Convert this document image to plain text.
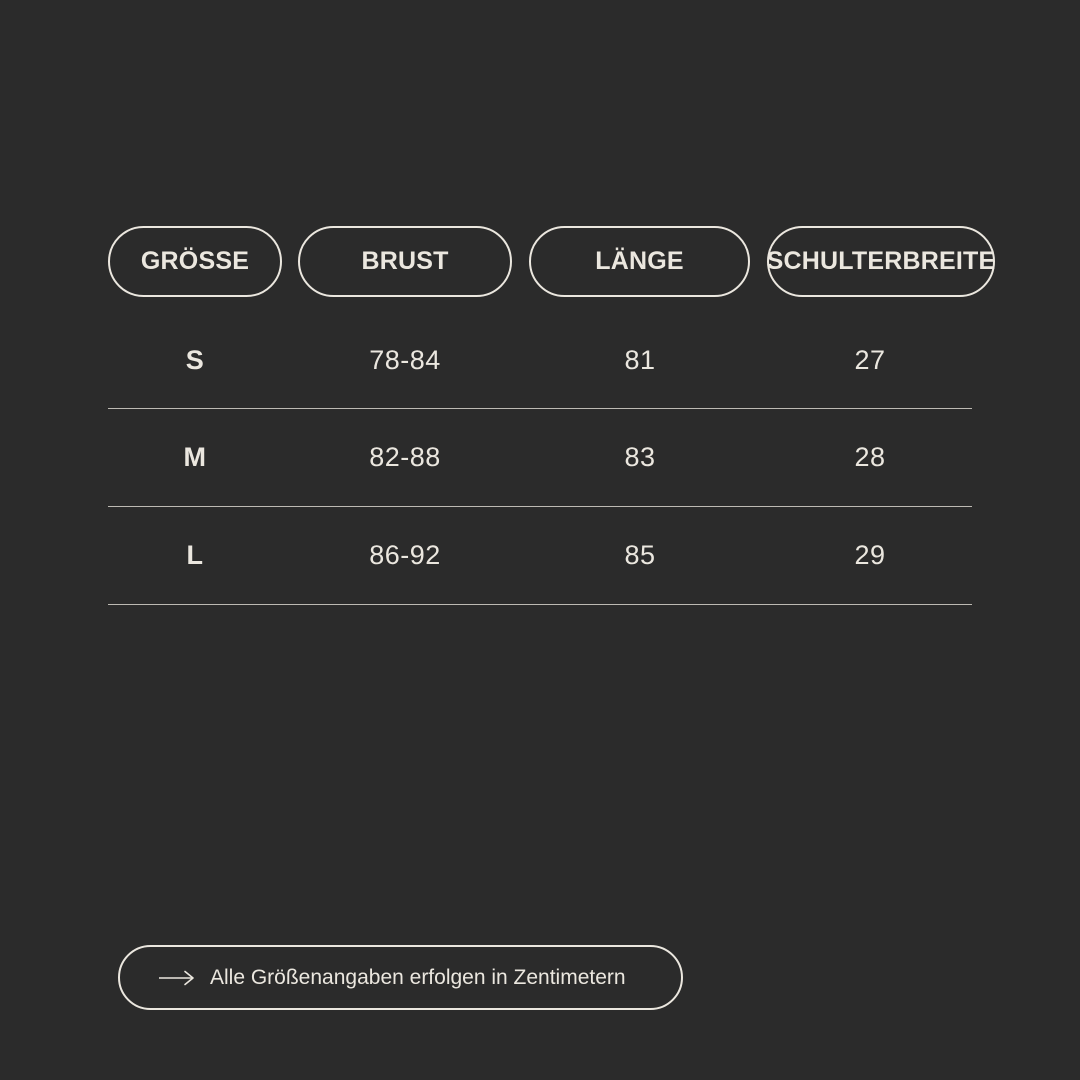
GRÖSSE	BRUST	LÄNGE	SCHULTERBREITE
S	78-84	81	27
M	82-88	83	28
L	86-92	85	29
Alle Größenangaben erfolgen in Zentimetern
